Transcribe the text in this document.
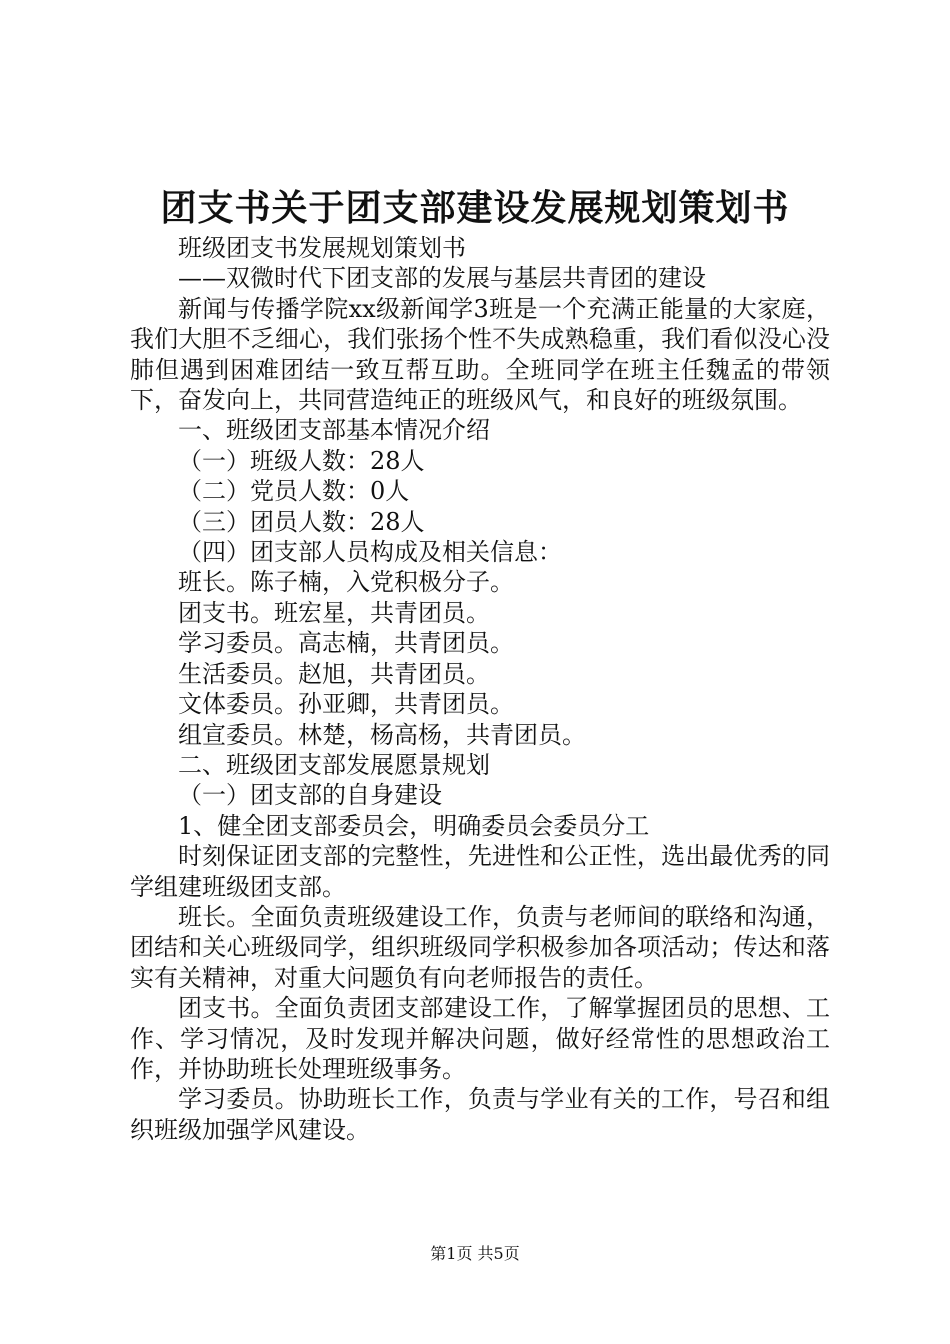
团支书关于团支部建设发展规划策划书

班级团支书发展规划策划书

——双微时代下团支部的发展与基层共青团的建设

新闻与传播学院xx级新闻学3班是一个充满正能量的大家庭，我们大胆不乏细心，我们张扬个性不失成熟稳重，我们看似没心没肺但遇到困难团结一致互帮互助。全班同学在班主任魏孟的带领下，奋发向上，共同营造纯正的班级风气，和良好的班级氛围。

一、班级团支部基本情况介绍

（一）班级人数：28人

（二）党员人数：0人

（三）团员人数：28人

（四）团支部人员构成及相关信息：

班长。陈子楠，入党积极分子。

团支书。班宏星，共青团员。

学习委员。高志楠，共青团员。

生活委员。赵旭，共青团员。

文体委员。孙亚卿，共青团员。

组宣委员。林楚，杨高杨，共青团员。

二、班级团支部发展愿景规划

（一）团支部的自身建设

1、健全团支部委员会，明确委员会委员分工

时刻保证团支部的完整性，先进性和公正性，选出最优秀的同学组建班级团支部。

班长。全面负责班级建设工作，负责与老师间的联络和沟通，团结和关心班级同学，组织班级同学积极参加各项活动；传达和落实有关精神，对重大问题负有向老师报告的责任。

团支书。全面负责团支部建设工作，了解掌握团员的思想、工作、学习情况，及时发现并解决问题，做好经常性的思想政治工作，并协助班长处理班级事务。

学习委员。协助班长工作，负责与学业有关的工作，号召和组织班级加强学风建设。

第1页 共5页
